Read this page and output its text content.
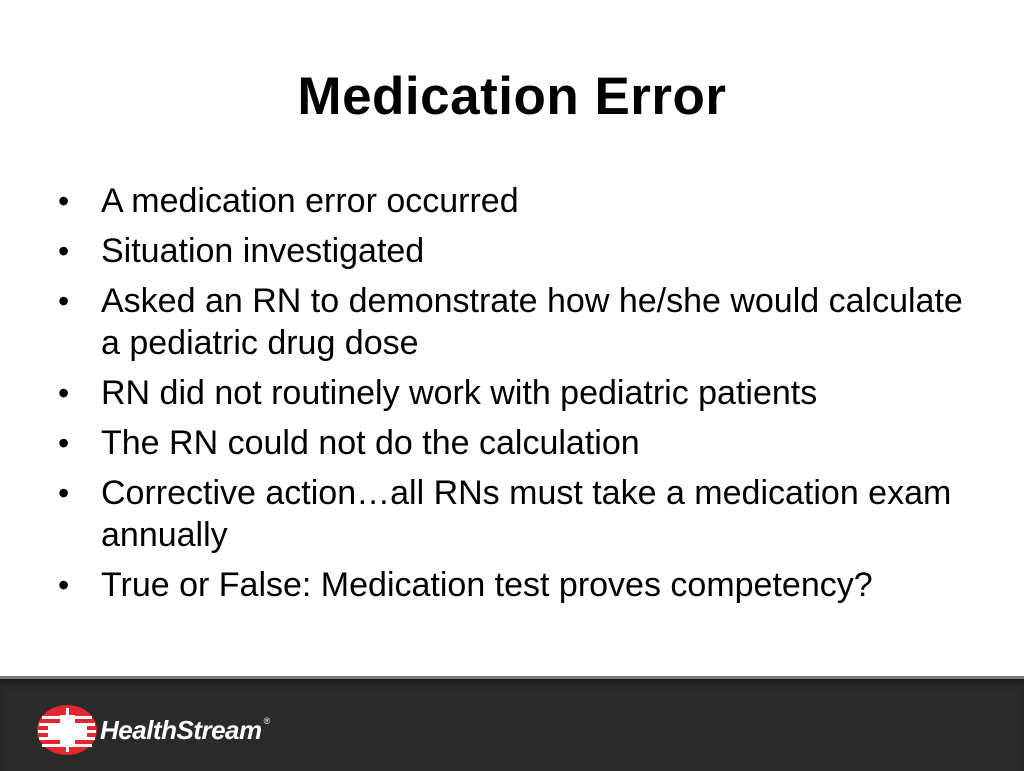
Medication Error
• A medication error occurred
• Situation investigated
• Asked an RN to demonstrate how he/she would calculate a pediatric drug dose
• RN did not routinely work with pediatric patients
• The RN could not do the calculation
• Corrective action…all RNs must take a medication exam annually
• True or False: Medication test proves competency?
HealthStream ®
